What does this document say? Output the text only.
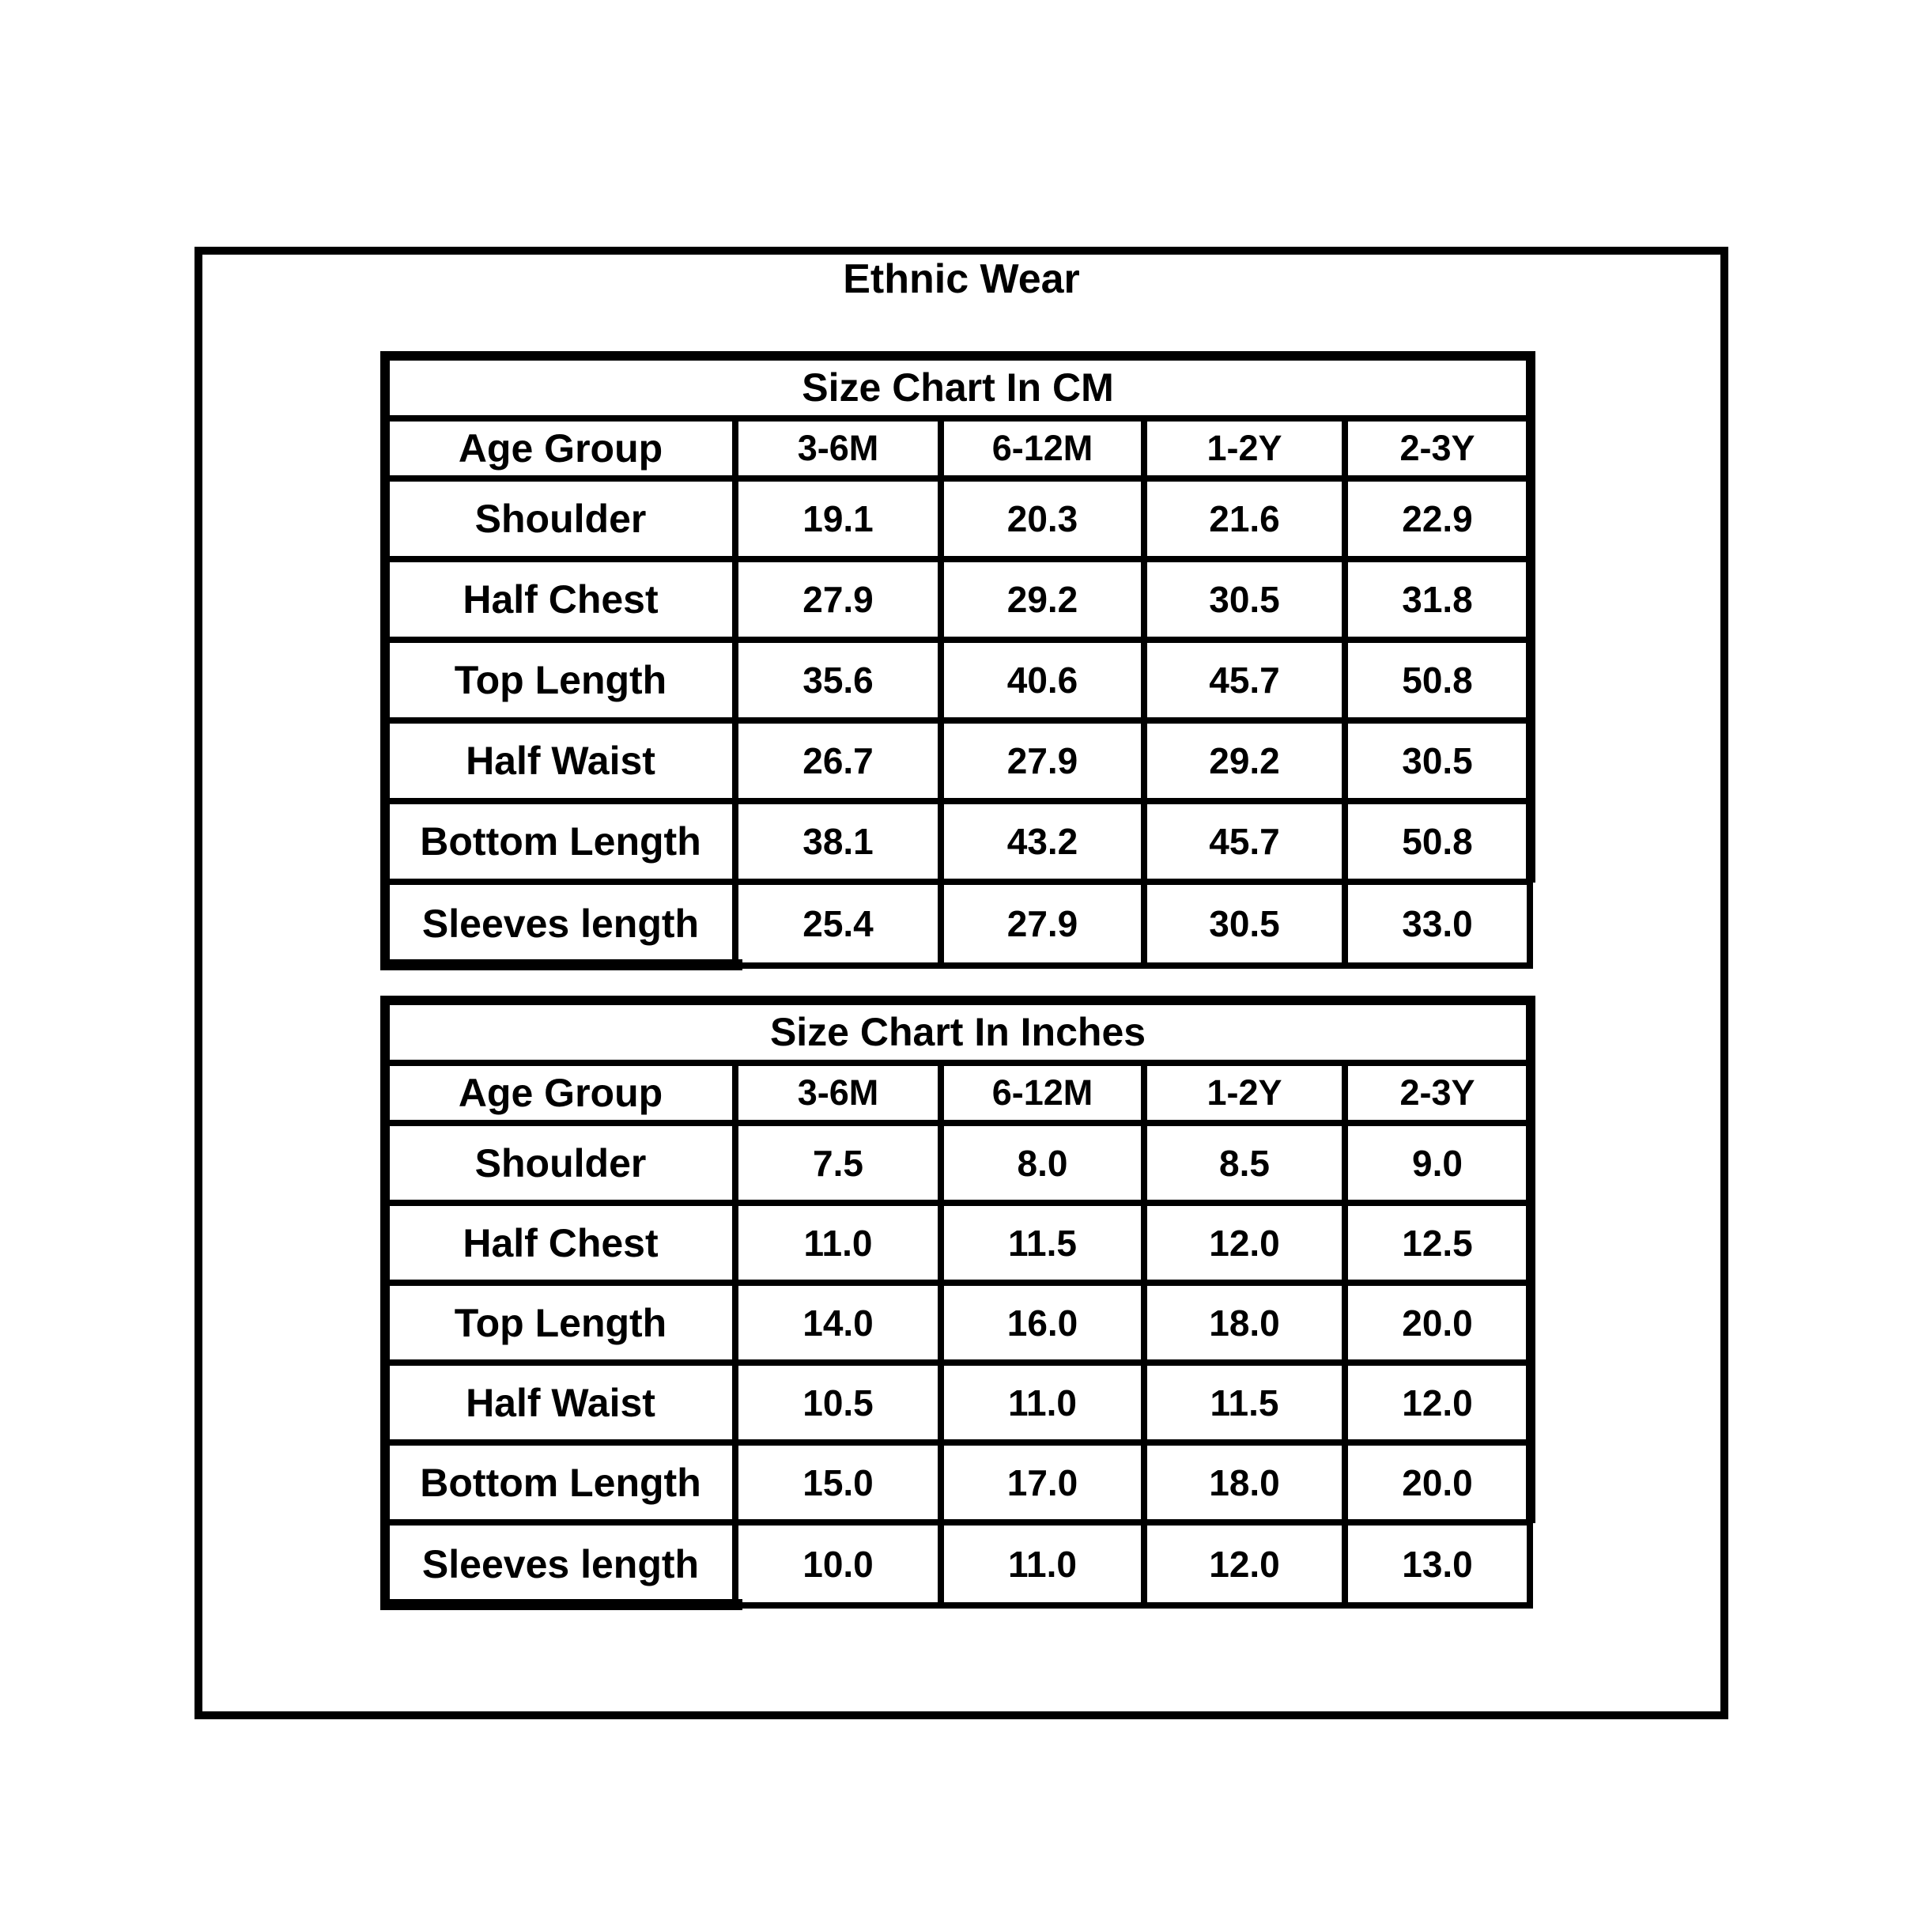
Ethnic Wear
Size Chart In CM				
Age Group	3-6M	6-12M	1-2Y	2-3Y
Shoulder	19.1	20.3	21.6	22.9
Half Chest	27.9	29.2	30.5	31.8
Top Length	35.6	40.6	45.7	50.8
Half Waist	26.7	27.9	29.2	30.5
Bottom Length	38.1	43.2	45.7	50.8
Sleeves length	25.4	27.9	30.5	33.0
Size Chart In Inches				
Age Group	3-6M	6-12M	1-2Y	2-3Y
Shoulder	7.5	8.0	8.5	9.0
Half Chest	11.0	11.5	12.0	12.5
Top Length	14.0	16.0	18.0	20.0
Half Waist	10.5	11.0	11.5	12.0
Bottom Length	15.0	17.0	18.0	20.0
Sleeves length	10.0	11.0	12.0	13.0
